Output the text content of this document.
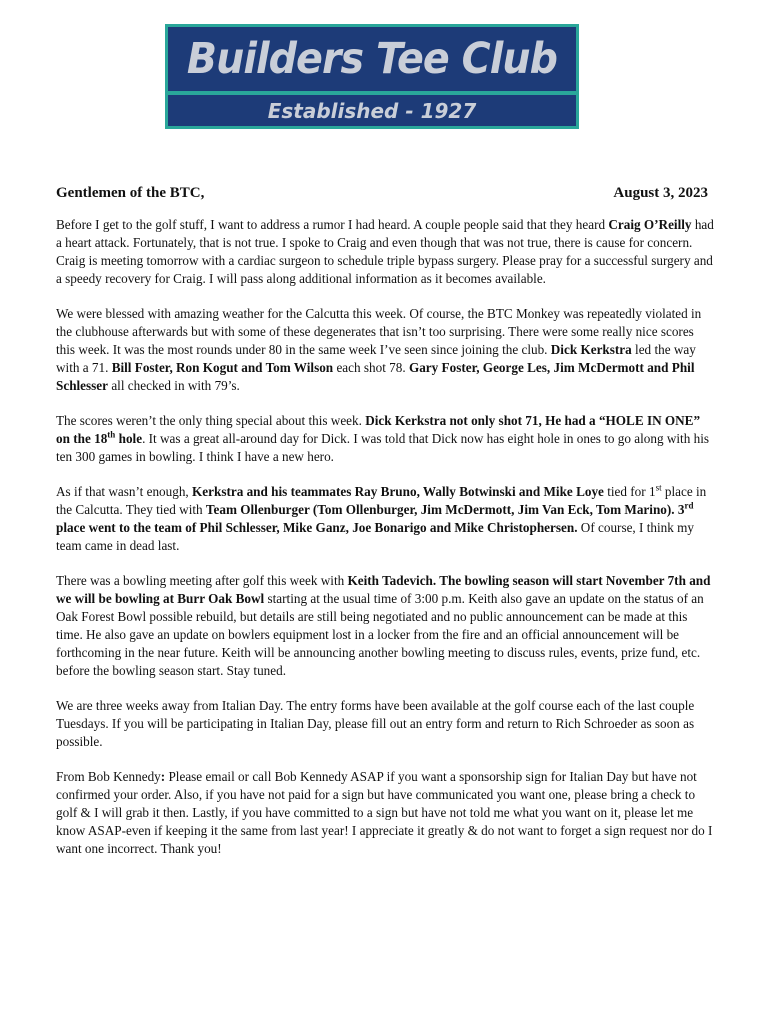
Builders Tee Club
Established - 1927
Gentlemen of the BTC,	August 3, 2023

Before I get to the golf stuff, I want to address a rumor I had heard. A couple people said that they heard Craig O’Reilly had a heart attack. Fortunately, that is not true. I spoke to Craig and even though that was not true, there is cause for concern. Craig is meeting tomorrow with a cardiac surgeon to schedule triple bypass surgery. Please pray for a successful surgery and a speedy recovery for Craig. I will pass along additional information as it becomes available.

We were blessed with amazing weather for the Calcutta this week. Of course, the BTC Monkey was repeatedly violated in the clubhouse afterwards but with some of these degenerates that isn’t too surprising. There were some really nice scores this week. It was the most rounds under 80 in the same week I’ve seen since joining the club. Dick Kerkstra led the way with a 71. Bill Foster, Ron Kogut and Tom Wilson each shot 78. Gary Foster, George Les, Jim McDermott and Phil Schlesser all checked in with 79’s.

The scores weren’t the only thing special about this week. Dick Kerkstra not only shot 71, He had a “HOLE IN ONE” on the 18th hole. It was a great all-around day for Dick. I was told that Dick now has eight hole in ones to go along with his ten 300 games in bowling. I think I have a new hero.

As if that wasn’t enough, Kerkstra and his teammates Ray Bruno, Wally Botwinski and Mike Loye tied for 1st place in the Calcutta. They tied with Team Ollenburger (Tom Ollenburger, Jim McDermott, Jim Van Eck, Tom Marino). 3rd place went to the team of Phil Schlesser, Mike Ganz, Joe Bonarigo and Mike Christophersen. Of course, I think my team came in dead last.

There was a bowling meeting after golf this week with Keith Tadevich. The bowling season will start November 7th and we will be bowling at Burr Oak Bowl starting at the usual time of 3:00 p.m. Keith also gave an update on the status of an Oak Forest Bowl possible rebuild, but details are still being negotiated and no public announcement can be made at this time. He also gave an update on bowlers equipment lost in a locker from the fire and an official announcement will be forthcoming in the near future. Keith will be announcing another bowling meeting to discuss rules, events, prize fund, etc. before the bowling season start. Stay tuned.

We are three weeks away from Italian Day. The entry forms have been available at the golf course each of the last couple Tuesdays. If you will be participating in Italian Day, please fill out an entry form and return to Rich Schroeder as soon as possible.

From Bob Kennedy: Please email or call Bob Kennedy ASAP if you want a sponsorship sign for Italian Day but have not confirmed your order. Also, if you have not paid for a sign but have communicated you want one, please bring a check to golf & I will grab it then. Lastly, if you have committed to a sign but have not told me what you want on it, please let me know ASAP-even if keeping it the same from last year! I appreciate it greatly & do not want to forget a sign request nor do I want one incorrect. Thank you!
